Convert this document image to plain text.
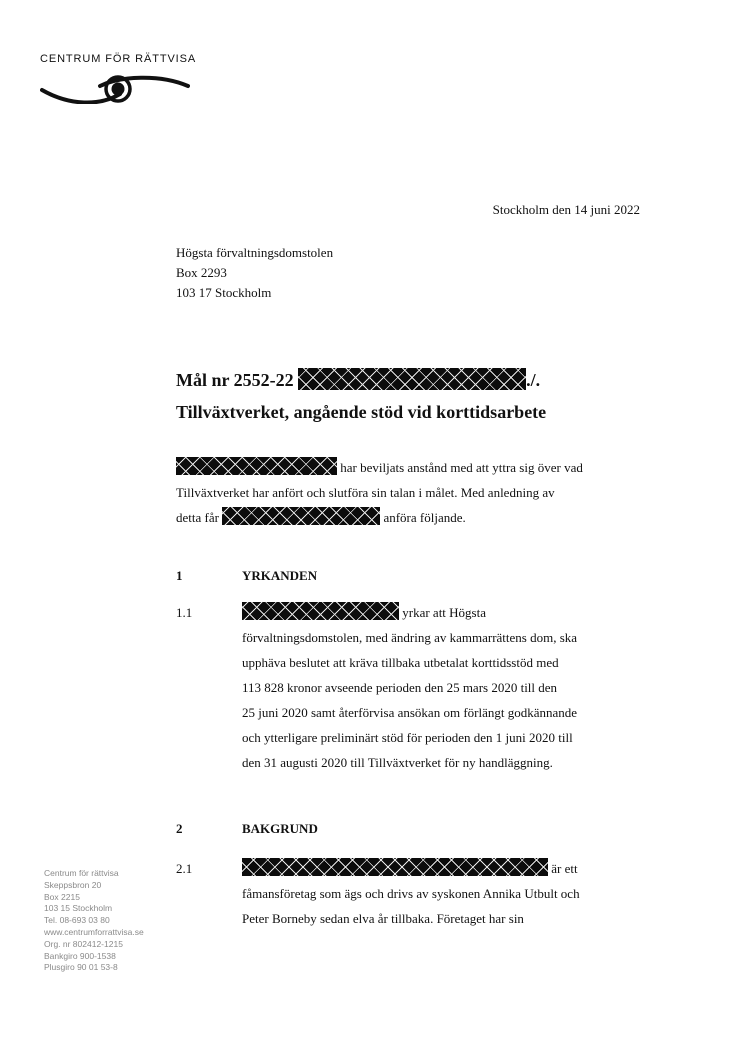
CENTRUM FÖR RÄTTVISA
Stockholm den 14 juni 2022
Högsta förvaltningsdomstolen
Box 2293
103 17 Stockholm
Mål nr 2552-22	./.
Tillväxtverket, angående stöd vid korttidsarbete
har beviljats anstånd med att yttra sig över vad
Tillväxtverket har anfört och slutföra sin talan i målet. Med anledning av
detta får	anföra följande.
1	YRKANDEN
1.1	yrkar att Högsta
förvaltningsdomstolen, med ändring av kammarrättens dom, ska
upphäva beslutet att kräva tillbaka utbetalat korttidsstöd med
113 828 kronor avseende perioden den 25 mars 2020 till den
25 juni 2020 samt återförvisa ansökan om förlängt godkännande
och ytterligare preliminärt stöd för perioden den 1 juni 2020 till
den 31 augusti 2020 till Tillväxtverket för ny handläggning.
2	BAKGRUND
2.1	är ett
fåmansföretag som ägs och drivs av syskonen Annika Utbult och
Peter Borneby sedan elva år tillbaka. Företaget har sin
Centrum för rättvisa
Skeppsbron 20
Box 2215
103 15 Stockholm
Tel. 08-693 03 80
www.centrumforrattvisa.se
Org. nr 802412-1215
Bankgiro 900-1538
Plusgiro 90 01 53-8
